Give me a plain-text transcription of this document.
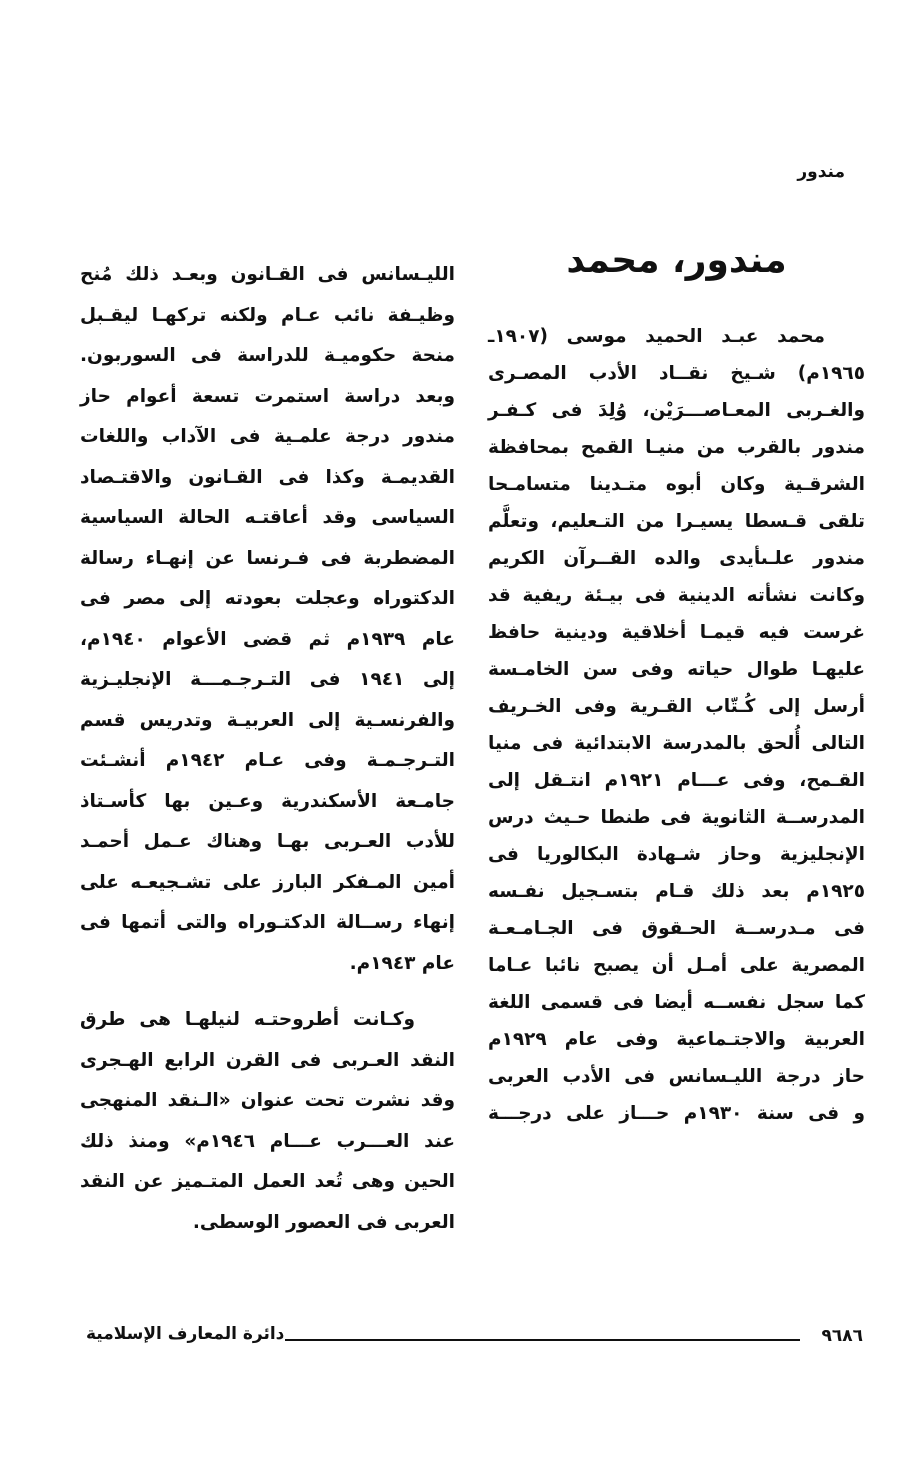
مندور
مندور، محمد
محمد عبـد الحميد موسى (١٩٠٧ـ
١٩٦٥م) شـيخ نقــاد الأدب المصـرى
والغـربى المعـاصـــرَيْن، وُلِدَ فى كـفـر
مندور بالقرب من منيـا القمح بمحافظة
الشرقـية وكان أبوه متـدينا متسامـحا
تلقى قـسطا يسيـرا من التـعليم، وتعلَّم
مندور علـىأيدى والده القــرآن الكريم
وكانت نشأته الدينية فى بيـئة ريفية قد
غرست فيه قيمـا أخلاقية ودينية حافظ
عليهـا طوال حياته وفى سن الخامـسة
أرسل إلى كُـتّاب القـرية وفى الخـريف
التالى أُلحق بالمدرسة الابتدائية فى منيا
القـمح، وفى عـــام ١٩٢١م انتـقل إلى
المدرســة الثانوية فى طنطا حـيث درس
الإنجليزية وحاز شـهادة البكالوريا فى
١٩٢٥م بعد ذلك قـام بتسـجيل نفـسه
فى مـدرســة الحـقوق فى الجـامـعـة
المصرية على أمـل أن يصبح نائبا عـاما
كما سجل نفســه أيضا فى قسمى اللغة
العربية والاجتـماعية وفى عام ١٩٢٩م
حاز درجة الليـسانس فى الأدب العربى
و فى سنة ١٩٣٠م حـــاز على درجـــة
الليـسانس فى القـانون وبعـد ذلك مُنح
وظيـفة نائب عـام ولكنه تركهـا ليقـبل
منحة حكوميـة للدراسة فى السوربون.
وبعد دراسة استمرت تسعة أعوام حاز
مندور درجة علمـية فى الآداب واللغات
القديمـة وكذا فى القـانون والاقتـصاد
السياسى وقد أعاقتـه الحالة السياسية
المضطربة فى فـرنسا عن إنهـاء رسالة
الدكتوراه وعجلت بعودته إلى مصر فى
عام ١٩٣٩م ثم قضى الأعوام ١٩٤٠م،
إلى ١٩٤١ فى التـرجـمـــة الإنجليـزية
والفرنسـية إلى العربيـة وتدريس قسم
التـرجـمـة وفى عـام ١٩٤٢م أنشـئت
جامـعة الأسكندرية وعـين بها كأسـتاذ
للأدب العـربى بهـا وهناك عـمل أحمـد
أمين المـفكر البارز على تشـجيعـه على
إنهاء رســالة الدكتـوراه والتى أتمها فى
عام ١٩٤٣م.
وكـانت أطروحتـه لنيلهـا هى طرق
النقد العـربى فى القرن الرابع الهـجرى
وقد نشرت تحت عنوان «الـنقد المنهجى
عند العـــرب عـــام ١٩٤٦م» ومنذ ذلك
الحين وهى تُعد العمل المتـميز عن النقد
العربى فى العصور الوسطى.
٩٦٨٦
دائرة المعارف الإسلامية
